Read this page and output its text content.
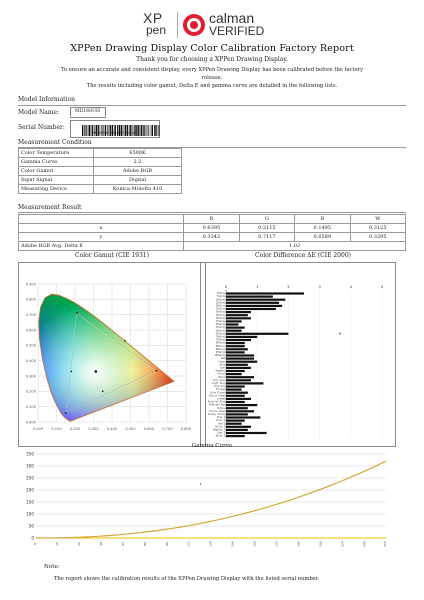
XP
pen
calman
VERIFIED
XPPen Drawing Display Color Calibration Factory Report
Thank you for choosing a XPPen Drawing Display.
To ensure an accurate and consistent display, every XPPen Drawing Display has been calibrated before the factory
release.
The results including color gamut, Delta E and gamma curve are detailed in the following lists.
Model Information
Model Name:	MD160UH
Serial Number:
XG160A0Y3123700358
Measurement Condition
Color Temperature	6500K
Gamma Curve	2.2
Color Gamut	Adobe RGB
Input Signal	Digital
Measuring Device	Konica-Minolta 410
Measurement Result
	R	G	B	W
x	0.6395	0.2115	0.1495	0.3125
y	0.3342	0.7117	0.0589	0.3295
Adobe RGB Avg. Delta E	1.02			
Color Gamut (CIE 1931)
0.000 0.100 0.200 0.300 0.400 0.500 0.600 0.700 0.800
0.900
0.800
0.700
0.600
0.500
0.400
0.300
0.200
0.100
0.000
Color Difference ΔE (CIE 2000)
0	1	2	3	4	5
0%Gray
5%Gray
10%Gray
15%Gray
20%Gray
25%Gray
30%Gray
35%Gray
40%Gray
45%Gray
50%Gray
55%Gray
60%Gray
65%Gray
70%Gray
75%Gray
80%Gray
85%Gray
90%Gray
95%Gray
100%Gray
Red
Green
Blue
Cyan
Magenta
Yellow
White
Dark Skin
Light Skin
Blue Sky
Foliage
Blue Flower
Bluish Green
Orange
Purplish Blue
Moderate Red
Purple
Yellow Green
Orange Yellow
Blue 2
Green 2
Red 2
Yellow 2
Magenta 2
Cyan 2
White 2
Gamma Curve
350
300
250
200
150
100
50
0
0	16	32	48	64	80	96	112	128	144	160	176	192	208	224	240	255
Note:
The report shows the calibration results of the XPPen Drawing Display with the listed serial number.
